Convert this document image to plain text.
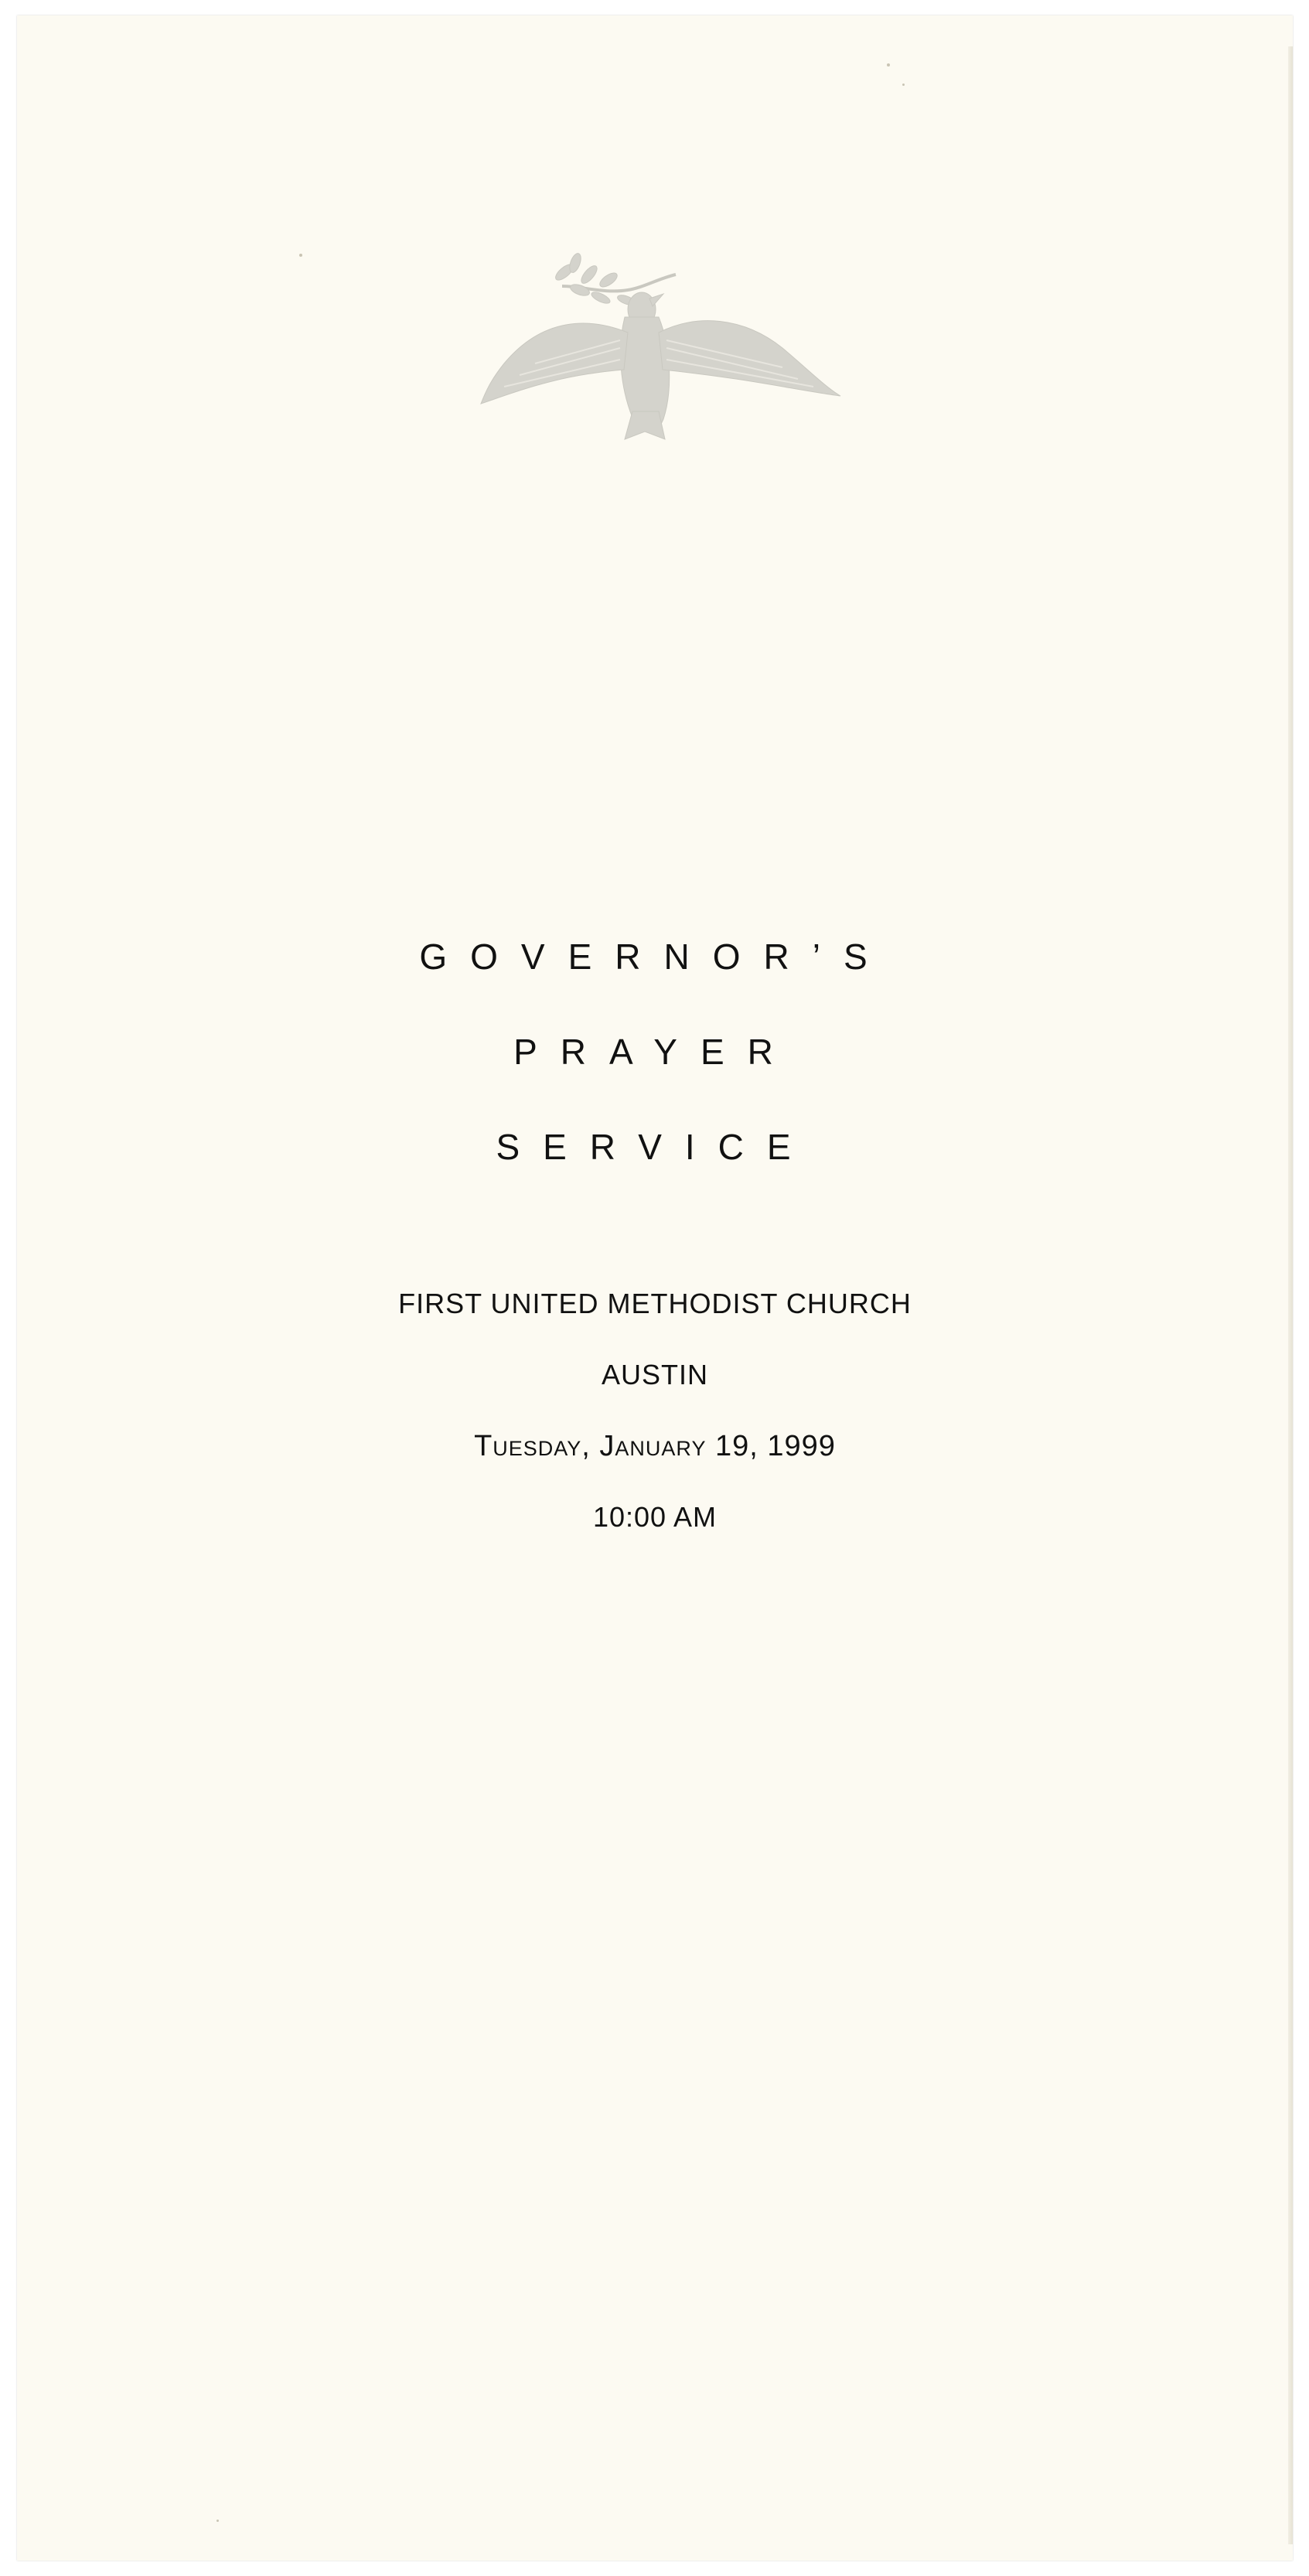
GOVERNOR’S
PRAYER
SERVICE
FIRST UNITED METHODIST CHURCH
AUSTIN
Tuesday, January 19, 1999
10:00 AM
